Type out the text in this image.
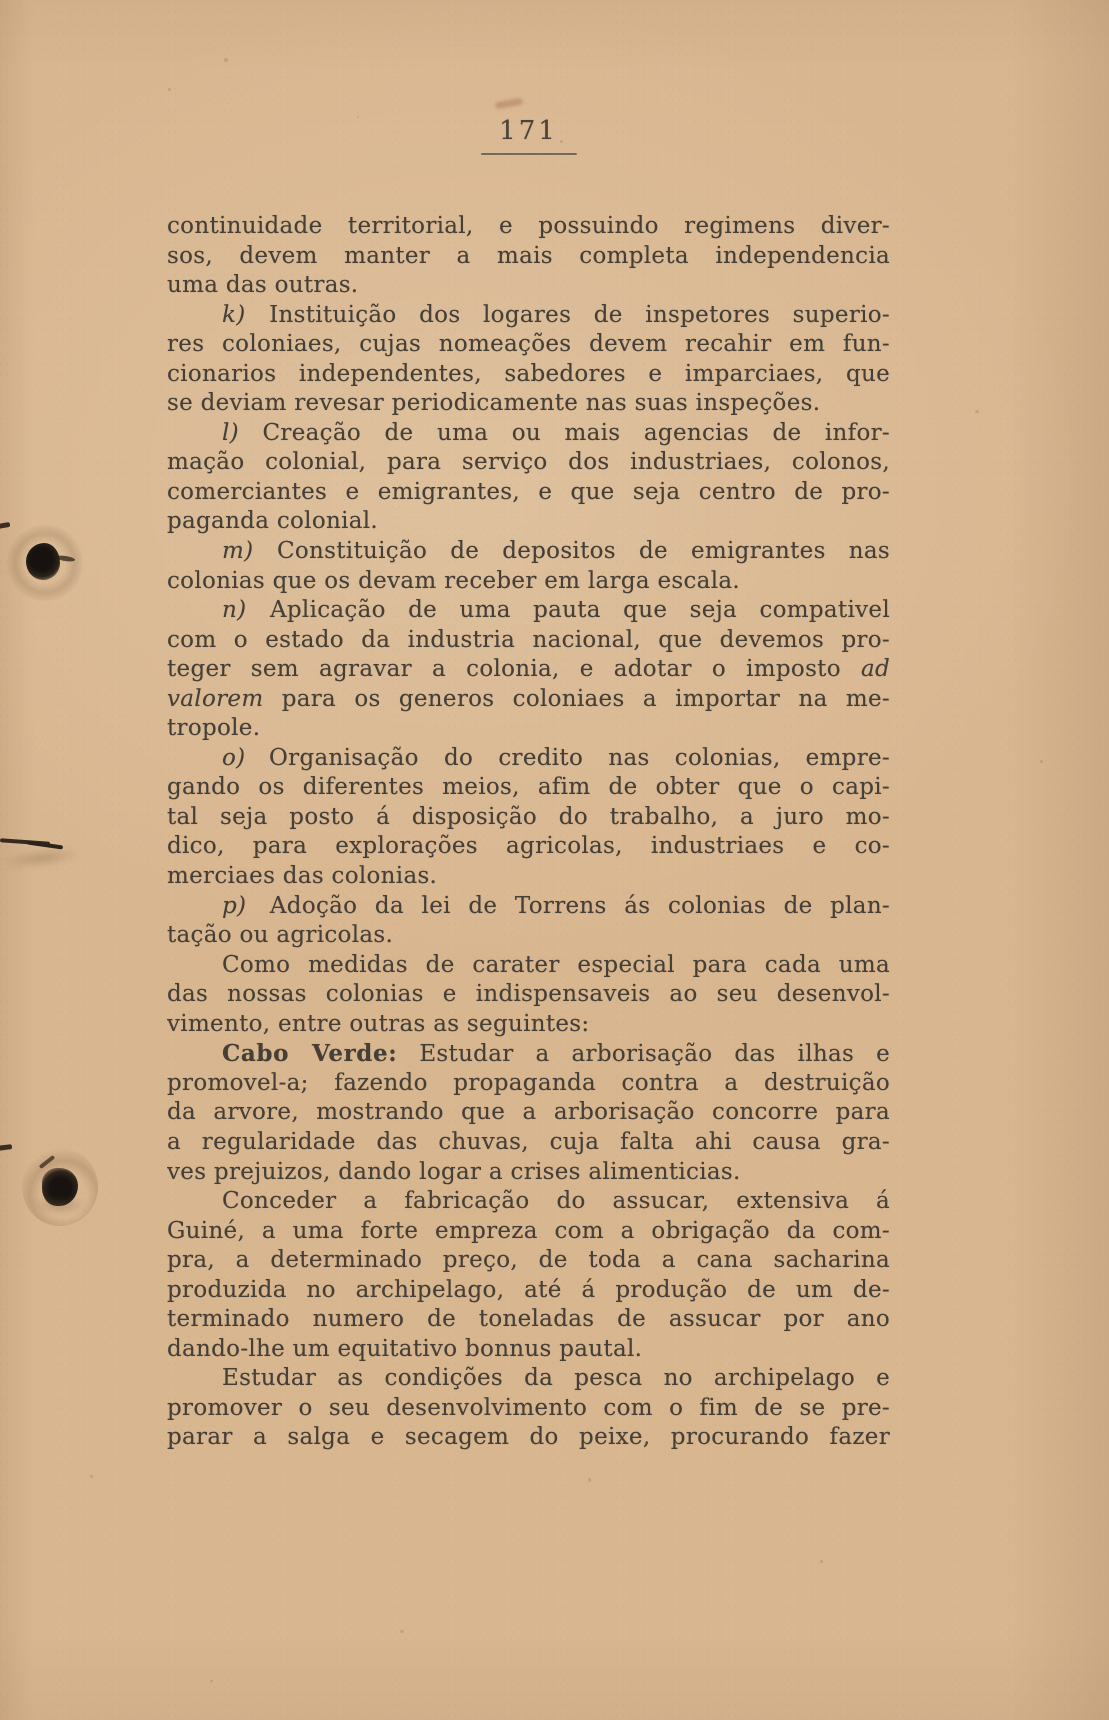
171
continuidade territorial, e possuindo regimens diver-
sos, devem manter a mais completa independencia
uma das outras.
k)  Instituição dos logares de inspetores superio-
res coloniaes, cujas nomeações devem recahir em fun-
cionarios independentes, sabedores e imparciaes, que
se deviam revesar periodicamente nas suas inspeções.
l)  Creação de uma ou mais agencias de infor-
mação colonial, para serviço dos industriaes, colonos,
comerciantes e emigrantes, e que seja centro de pro-
paganda colonial.
m)  Constituição de depositos de emigrantes nas
colonias que os devam receber em larga escala.
n)  Aplicação de uma pauta que seja compativel
com o estado da industria nacional, que devemos pro-
teger sem agravar a colonia, e adotar o imposto ad
valorem para os generos coloniaes a importar na me-
tropole.
o)  Organisação do credito nas colonias, empre-
gando os diferentes meios, afim de obter que o capi-
tal seja posto á disposição do trabalho, a juro mo-
dico, para explorações agricolas, industriaes e co-
merciaes das colonias.
p)  Adoção da lei de Torrens ás colonias de plan-
tação ou agricolas.
Como medidas de carater especial para cada uma
das nossas colonias e indispensaveis ao seu desenvol-
vimento, entre outras as seguintes:
Cabo Verde: Estudar a arborisação das ilhas e
promovel-a; fazendo propaganda contra a destruição
da arvore, mostrando que a arborisação concorre para
a regularidade das chuvas, cuja falta ahi causa gra-
ves prejuizos, dando logar a crises alimenticias.
Conceder a fabricação do assucar, extensiva á
Guiné, a uma forte empreza com a obrigação da com-
pra, a determinado preço, de toda a cana sacharina
produzida no archipelago, até á produção de um de-
terminado numero de toneladas de assucar por ano
dando-lhe um equitativo bonnus pautal.
Estudar as condições da pesca no archipelago e
promover o seu desenvolvimento com o fim de se pre-
parar a salga e secagem do peixe, procurando fazer
